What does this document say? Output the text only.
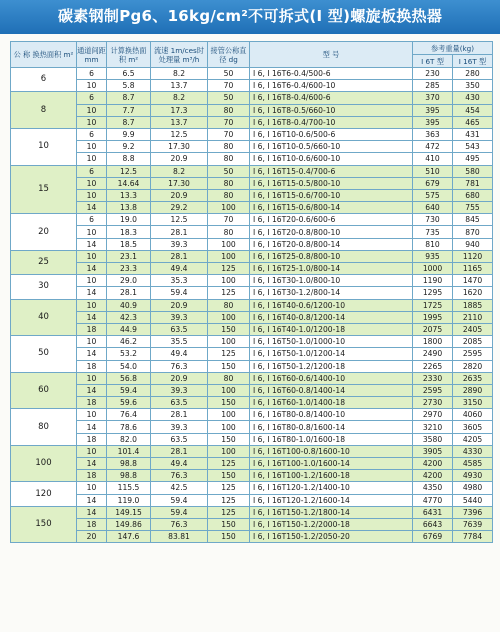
碳素钢制Pg6、16kg/cm²不可拆式(I 型)螺旋板换热器
公 称 换热面积 m²	通道间距 mm	计算换热面积 m²	流速 1m/ces时处理量 m³/h	接管公称直径 dg	型 号	参考重量(kg)	
						I 6T 型	I 16T 型
6	6	6.5	8.2	50	I 6, I 16T6-0.4/500-6	230	280
	10	5.8	13.7	70	I 6, I 16T6-0.4/600-10	285	350
8	6	8.7	8.2	50	I 6, I 16T8-0.4/600-6	370	430
	10	7.7	17.3	80	I 6, I 16T8-0.5/660-10	395	454
	10	8.7	13.7	70	I 6, I 16T8-0.4/700-10	395	465
10	6	9.9	12.5	70	I 6, I 16T10-0.6/500-6	363	431
	10	9.2	17.30	80	I 6, I 16T10-0.5/660-10	472	543
	10	8.8	20.9	80	I 6, I 16T10-0.6/600-10	410	495
15	6	12.5	8.2	50	I 6, I 16T15-0.4/700-6	510	580
	10	14.64	17.30	80	I 6, I 16T15-0.5/800-10	679	781
	10	13.3	20.9	80	I 6, I 16T15-0.6/700-10	575	680
	14	13.8	29.2	100	I 6, I 16T15-0.6/800-14	640	755
20	6	19.0	12.5	70	I 6, I 16T20-0.6/600-6	730	845
	10	18.3	28.1	80	I 6, I 16T20-0.8/800-10	735	870
	14	18.5	39.3	100	I 6, I 16T20-0.8/800-14	810	940
25	10	23.1	28.1	100	I 6, I 16T25-0.8/800-10	935	1120
	14	23.3	49.4	125	I 6, I 16T25-1.0/800-14	1000	1165
30	10	29.0	35.3	100	I 6, I 16T30-1.0/800-10	1190	1470
	14	28.1	59.4	125	I 6, I 16T30-1.2/800-14	1295	1620
40	10	40.9	20.9	80	I 6, I 16T40-0.6/1200-10	1725	1885
	14	42.3	39.3	100	I 6, I 16T40-0.8/1200-14	1995	2110
	18	44.9	63.5	150	I 6, I 16T40-1.0/1200-18	2075	2405
50	10	46.2	35.5	100	I 6, I 16T50-1.0/1000-10	1800	2085
	14	53.2	49.4	125	I 6, I 16T50-1.0/1200-14	2490	2595
	18	54.0	76.3	150	I 6, I 16T50-1.2/1200-18	2265	2820
60	10	56.8	20.9	80	I 6, I 16T60-0.6/1400-10	2330	2635
	14	59.4	39.3	100	I 6, I 16T60-0.8/1400-14	2595	2890
	18	59.6	63.5	150	I 6, I 16T60-1.0/1400-18	2730	3150
80	10	76.4	28.1	100	I 6, I 16T80-0.8/1400-10	2970	4060
	14	78.6	39.3	100	I 6, I 16T80-0.8/1600-14	3210	3605
	18	82.0	63.5	150	I 6, I 16T80-1.0/1600-18	3580	4205
100	10	101.4	28.1	100	I 6, I 16T100-0.8/1600-10	3905	4330
	14	98.8	49.4	125	I 6, I 16T100-1.0/1600-14	4200	4585
	18	98.8	76.3	150	I 6, I 16T100-1.2/1600-18	4200	4930
120	10	115.5	42.5	125	I 6, I 16T120-1.2/1400-10	4350	4980
	14	119.0	59.4	125	I 6, I 16T120-1.2/1600-14	4770	5440
150	14	149.15	59.4	125	I 6, I 16T150-1.2/1800-14	6431	7396
	18	149.86	76.3	150	I 6, I 16T150-1.2/2000-18	6643	7639
	20	147.6	83.81	150	I 6, I 16T150-1.2/2050-20	6769	7784
